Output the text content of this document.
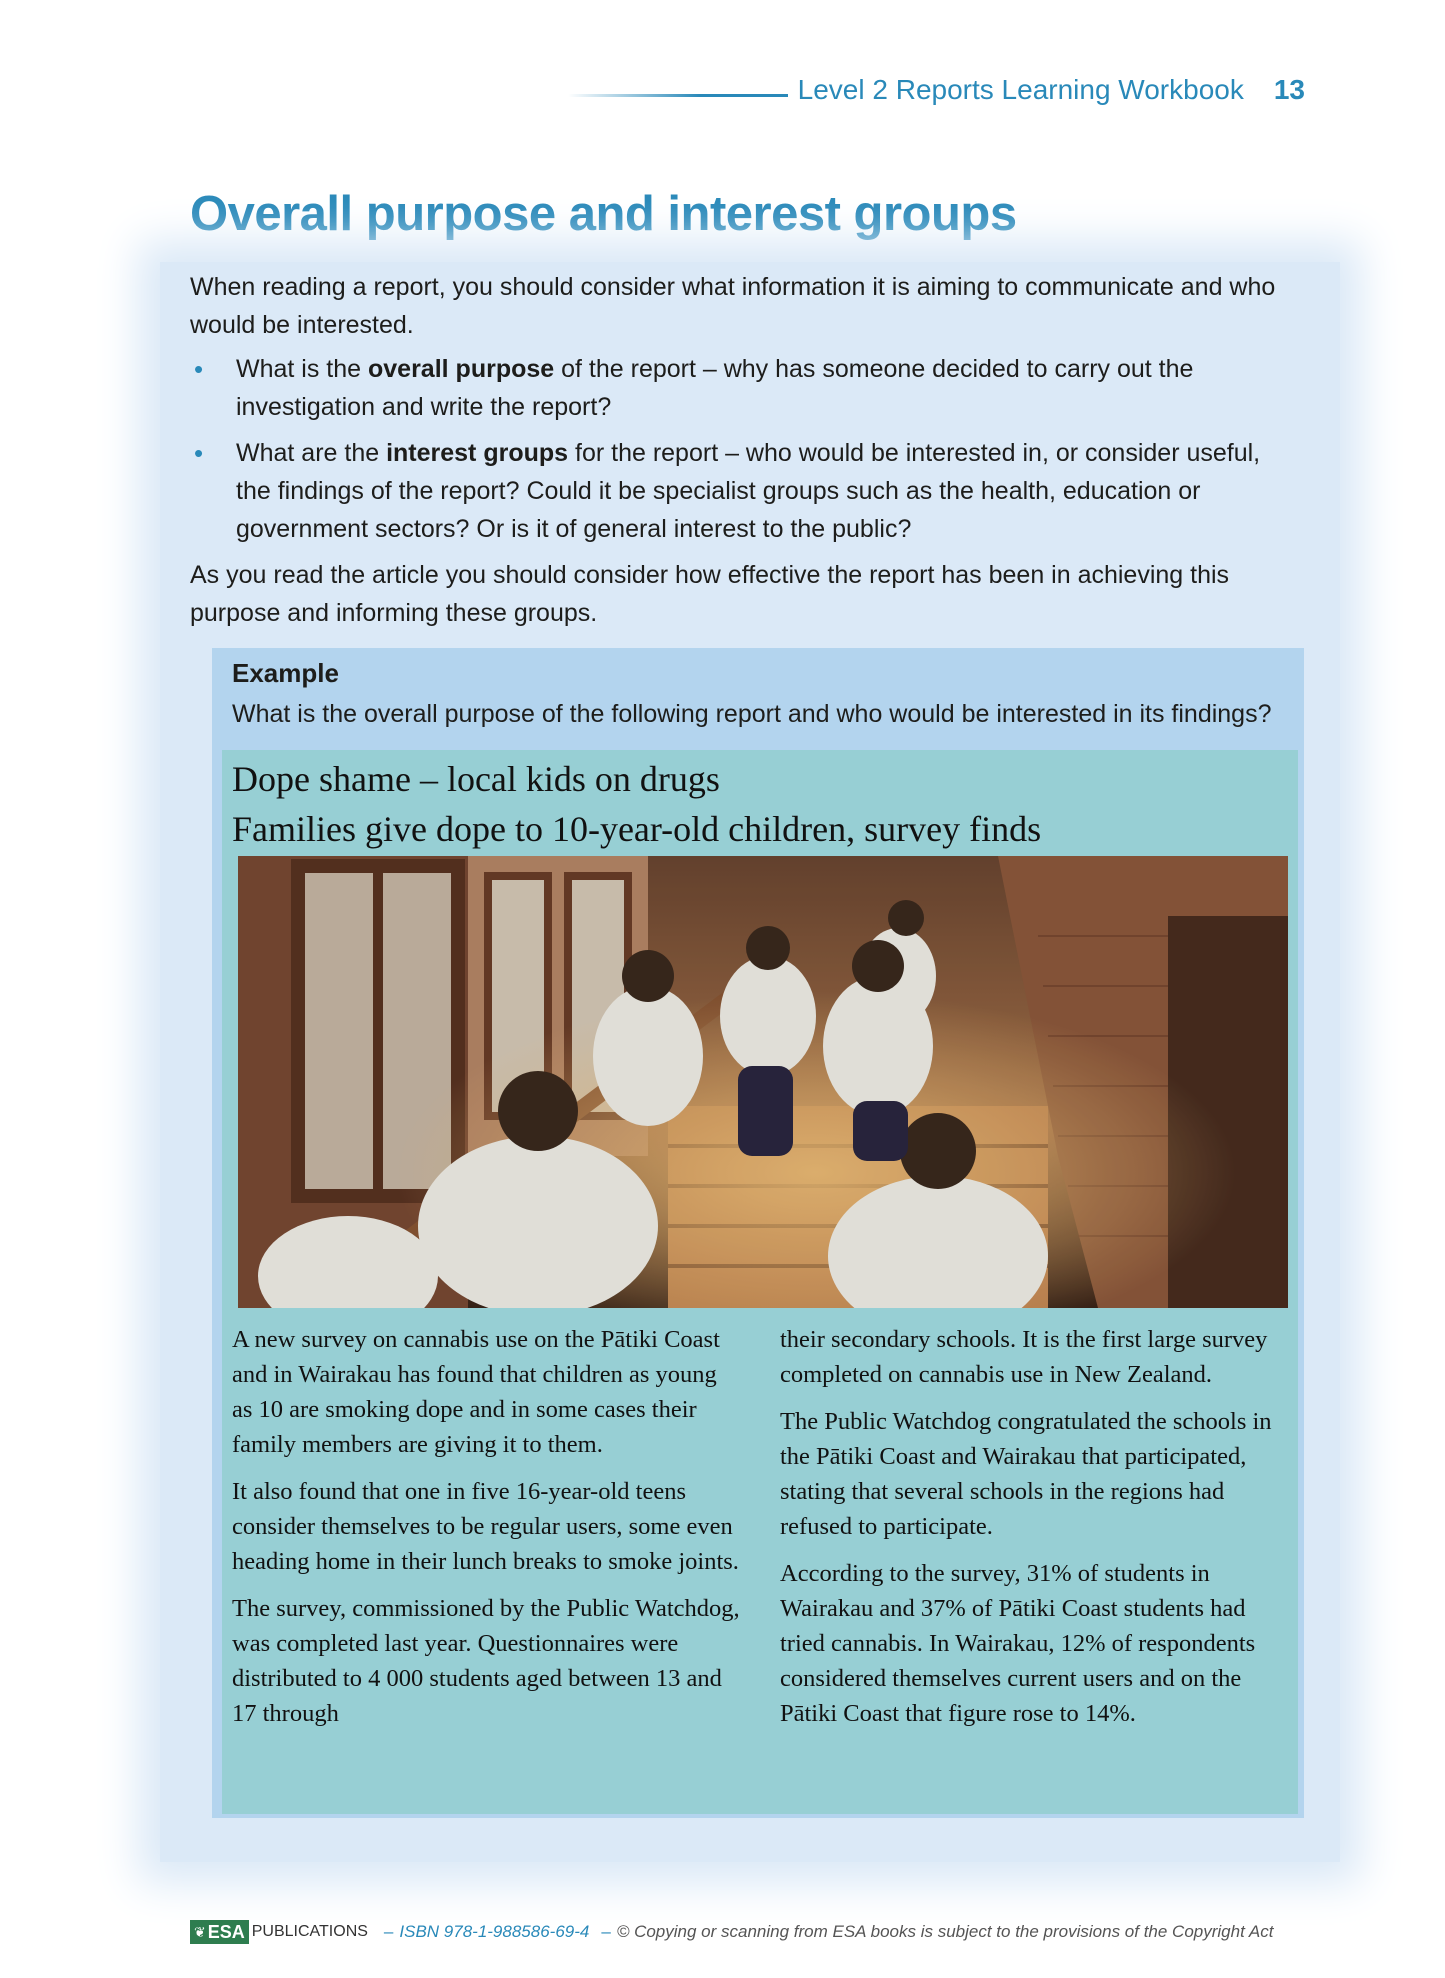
Level 2 Reports Learning Workbook 13
Overall purpose and interest groups

When reading a report, you should consider what information it is aiming to communicate and who would be interested.

• What is the overall purpose of the report – why has someone decided to carry out the investigation and write the report?
• What are the interest groups for the report – who would be interested in, or consider useful, the findings of the report? Could it be specialist groups such as the health, education or government sectors? Or is it of general interest to the public?

As you read the article you should consider how effective the report has been in achieving this purpose and informing these groups.

Example
What is the overall purpose of the following report and who would be interested in its findings?
Dope shame – local kids on drugs
Families give dope to 10-year-old children, survey finds

A new survey on cannabis use on the Pātiki Coast and in Wairakau has found that children as young as 10 are smoking dope and in some cases their family members are giving it to them.

It also found that one in five 16-year-old teens consider themselves to be regular users, some even heading home in their lunch breaks to smoke joints.

The survey, commissioned by the Public Watchdog, was completed last year. Questionnaires were distributed to 4 000 students aged between 13 and 17 through

their secondary schools. It is the first large survey completed on cannabis use in New Zealand.

The Public Watchdog congratulated the schools in the Pātiki Coast and Wairakau that participated, stating that several schools in the regions had refused to participate.

According to the survey, 31% of students in Wairakau and 37% of Pātiki Coast students had tried cannabis. In Wairakau, 12% of respondents considered themselves current users and on the Pātiki Coast that figure rose to 14%.

❦ ESA PUBLICATIONS – ISBN 978-1-988586-69-4 – © Copying or scanning from ESA books is subject to the provisions of the Copyright Act
